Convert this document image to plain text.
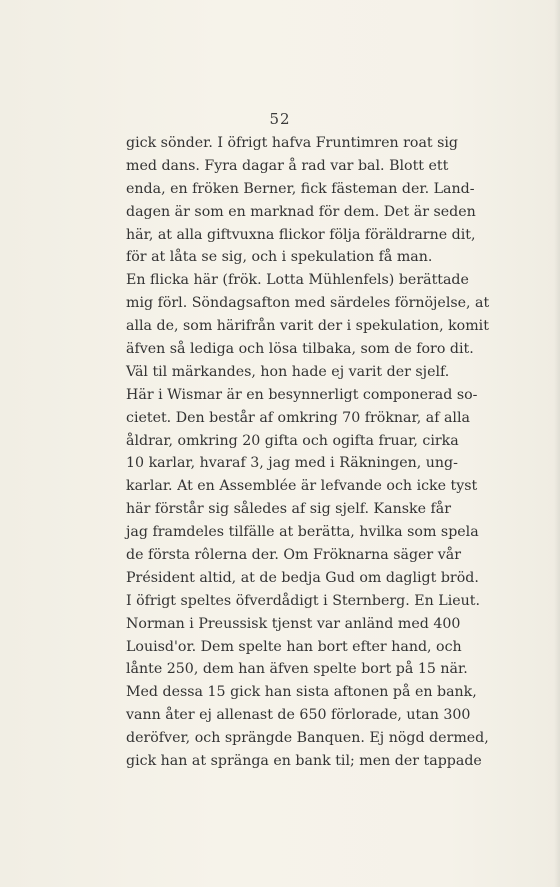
52
gick sönder. I öfrigt hafva Fruntimren roat sig
med dans. Fyra dagar å rad var bal. Blott ett
enda, en fröken Berner, fick fästeman der. Land-
dagen är som en marknad för dem. Det är seden
här, at alla giftvuxna flickor följa föräldrarne dit,
för at låta se sig, och i spekulation få man.
En flicka här (frök. Lotta Mühlenfels) berättade
mig förl. Söndagsafton med särdeles förnöjelse, at
alla de, som härifrån varit der i spekulation, komit
äfven så lediga och lösa tilbaka, som de foro dit.
Väl til märkandes, hon hade ej varit der sjelf.
Här i Wismar är en besynnerligt componerad so-
cietet. Den består af omkring 70 fröknar, af alla
åldrar, omkring 20 gifta och ogifta fruar, cirka
10 karlar, hvaraf 3, jag med i Räkningen, ung-
karlar. At en Assemblée är lefvande och icke tyst
här förstår sig således af sig sjelf. Kanske får
jag framdeles tilfälle at berätta, hvilka som spela
de första rôlerna der. Om Fröknarna säger vår
Président altid, at de bedja Gud om dagligt bröd.
I öfrigt speltes öfverdådigt i Sternberg. En Lieut.
Norman i Preussisk tjenst var anländ med 400
Louisd'or. Dem spelte han bort efter hand, och
lånte 250, dem han äfven spelte bort på 15 när.
Med dessa 15 gick han sista aftonen på en bank,
vann åter ej allenast de 650 förlorade, utan 300
deröfver, och sprängde Banquen. Ej nögd dermed,
gick han at spränga en bank til; men der tappade
